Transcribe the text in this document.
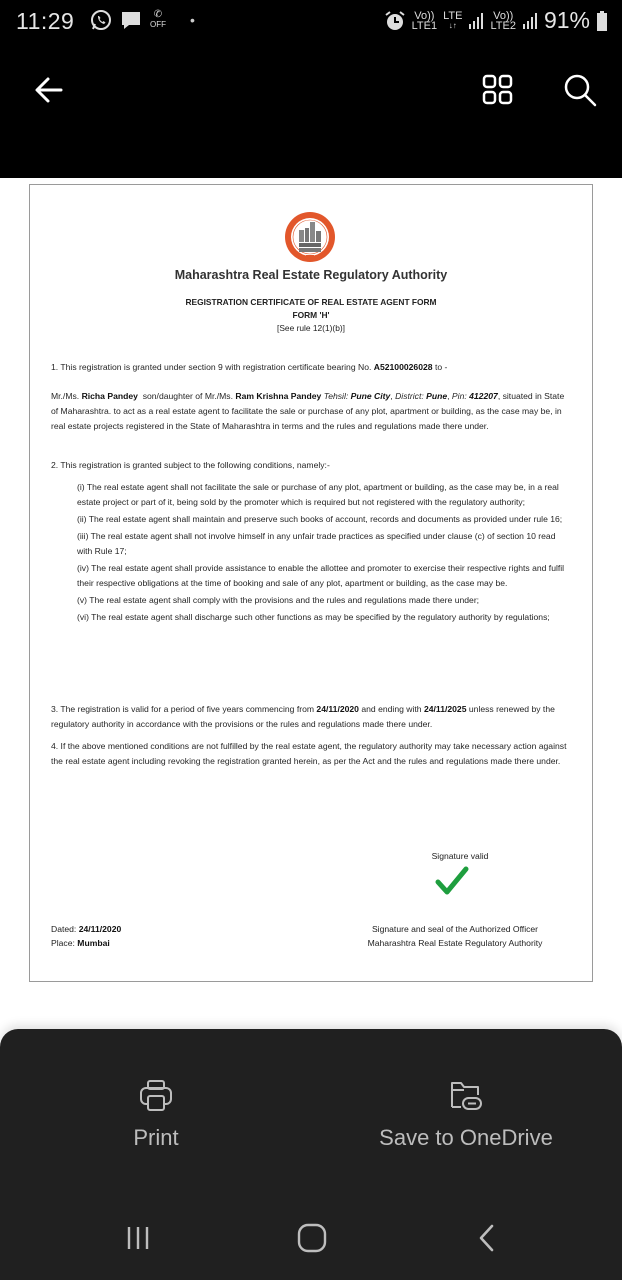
11:29	✆
OFF •	Vo))
LTE1
LTE
↓↑
Vo))
LTE2 91%
Maharashtra Real Estate Regulatory Authority
REGISTRATION CERTIFICATE OF REAL ESTATE AGENT FORM
FORM 'H'
[See rule 12(1)(b)]
1. This registration is granted under section 9 with registration certificate bearing No. A52100026028 to -
Mr./Ms. Richa Pandey son/daughter of Mr./Ms. Ram Krishna Pandey Tehsil: Pune City, District: Pune, Pin: 412207, situated in State of Maharashtra. to act as a real estate agent to facilitate the sale or purchase of any plot, apartment or building, as the case may be, in real estate projects registered in the State of Maharashtra in terms and the rules and regulations made there under.
2. This registration is granted subject to the following conditions, namely:-
(i) The real estate agent shall not facilitate the sale or purchase of any plot, apartment or building, as the case may be, in a real estate project or part of it, being sold by the promoter which is required but not registered with the regulatory authority;
(ii) The real estate agent shall maintain and preserve such books of account, records and documents as provided under rule 16;
(iii) The real estate agent shall not involve himself in any unfair trade practices as specified under clause (c) of section 10 read with Rule 17;
(iv) The real estate agent shall provide assistance to enable the allottee and promoter to exercise their respective rights and fulfil their respective obligations at the time of booking and sale of any plot, apartment or building, as the case may be.
(v) The real estate agent shall comply with the provisions and the rules and regulations made there under;
(vi) The real estate agent shall discharge such other functions as may be specified by the regulatory authority by regulations;
3. The registration is valid for a period of five years commencing from 24/11/2020 and ending with 24/11/2025 unless renewed by the regulatory authority in accordance with the provisions or the rules and regulations made there under.
4. If the above mentioned conditions are not fulfilled by the real estate agent, the regulatory authority may take necessary action against the real estate agent including revoking the registration granted herein, as per the Act and the rules and regulations made there under.
Signature valid
Dated: 24/11/2020
Place: Mumbai
Signature and seal of the Authorized Officer
Maharashtra Real Estate Regulatory Authority
Print	Save to OneDrive
